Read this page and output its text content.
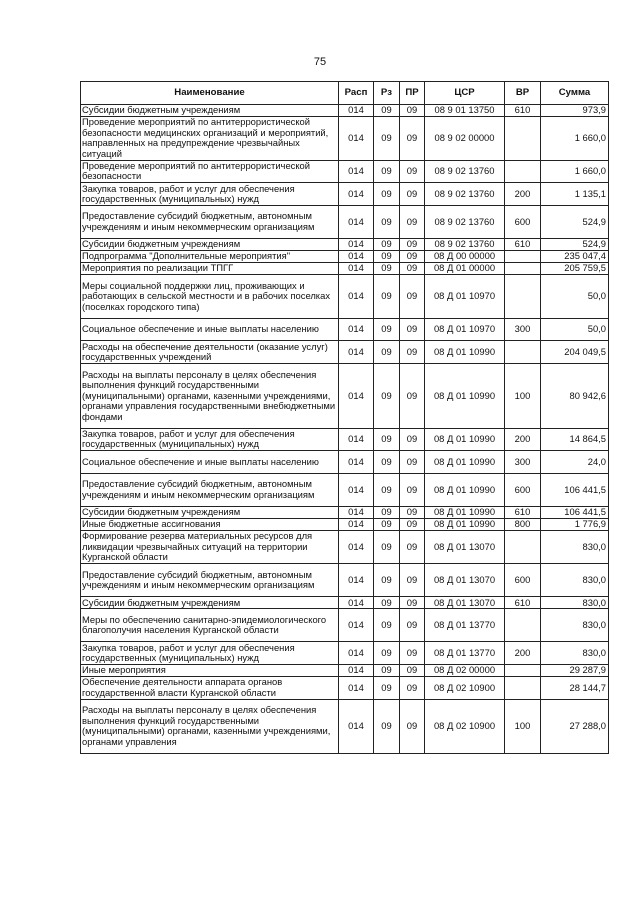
75
Наименование	Расп	Рз	ПР	ЦСР	ВР	Сумма
Субсидии бюджетным учреждениям	014	09	09	08 9 01 13750	610	973,9
Проведение мероприятий по антитеррористической безопасности медицинских организаций и мероприятий, направленных на предупреждение чрезвычайных ситуаций	014	09	09	08 9 02 00000		1 660,0
Проведение мероприятий по антитеррористической безопасности	014	09	09	08 9 02 13760		1 660,0
Закупка товаров, работ и услуг для обеспечения государственных (муниципальных) нужд	014	09	09	08 9 02 13760	200	1 135,1
Предоставление субсидий бюджетным, автономным учреждениям и иным некоммерческим организациям	014	09	09	08 9 02 13760	600	524,9
Субсидии бюджетным учреждениям	014	09	09	08 9 02 13760	610	524,9
Подпрограмма "Дополнительные мероприятия"	014	09	09	08 Д 00 00000		235 047,4
Мероприятия по реализации ТПГГ	014	09	09	08 Д 01 00000		205 759,5
Меры социальной поддержки лиц, проживающих и работающих в сельской местности и в рабочих поселках (поселках городского типа)	014	09	09	08 Д 01 10970		50,0
Социальное обеспечение и иные выплаты населению	014	09	09	08 Д 01 10970	300	50,0
Расходы на обеспечение деятельности (оказание услуг) государственных учреждений	014	09	09	08 Д 01 10990		204 049,5
Расходы на выплаты персоналу в целях обеспечения выполнения функций государственными (муниципальными) органами, казенными учреждениями, органами управления государственными внебюджетными фондами	014	09	09	08 Д 01 10990	100	80 942,6
Закупка товаров, работ и услуг для обеспечения государственных (муниципальных) нужд	014	09	09	08 Д 01 10990	200	14 864,5
Социальное обеспечение и иные выплаты населению	014	09	09	08 Д 01 10990	300	24,0
Предоставление субсидий бюджетным, автономным учреждениям и иным некоммерческим организациям	014	09	09	08 Д 01 10990	600	106 441,5
Субсидии бюджетным учреждениям	014	09	09	08 Д 01 10990	610	106 441,5
Иные бюджетные ассигнования	014	09	09	08 Д 01 10990	800	1 776,9
Формирование резерва материальных ресурсов для ликвидации чрезвычайных ситуаций на территории Курганской области	014	09	09	08 Д 01 13070		830,0
Предоставление субсидий бюджетным, автономным учреждениям и иным некоммерческим организациям	014	09	09	08 Д 01 13070	600	830,0
Субсидии бюджетным учреждениям	014	09	09	08 Д 01 13070	610	830,0
Меры по обеспечению санитарно-эпидемиологического благополучия населения Курганской области	014	09	09	08 Д 01 13770		830,0
Закупка товаров, работ и услуг для обеспечения государственных (муниципальных) нужд	014	09	09	08 Д 01 13770	200	830,0
Иные мероприятия	014	09	09	08 Д 02 00000		29 287,9
Обеспечение деятельности аппарата органов государственной власти Курганской области	014	09	09	08 Д 02 10900		28 144,7
Расходы на выплаты персоналу в целях обеспечения выполнения функций государственными (муниципальными) органами, казенными учреждениями, органами управления	014	09	09	08 Д 02 10900	100	27 288,0
